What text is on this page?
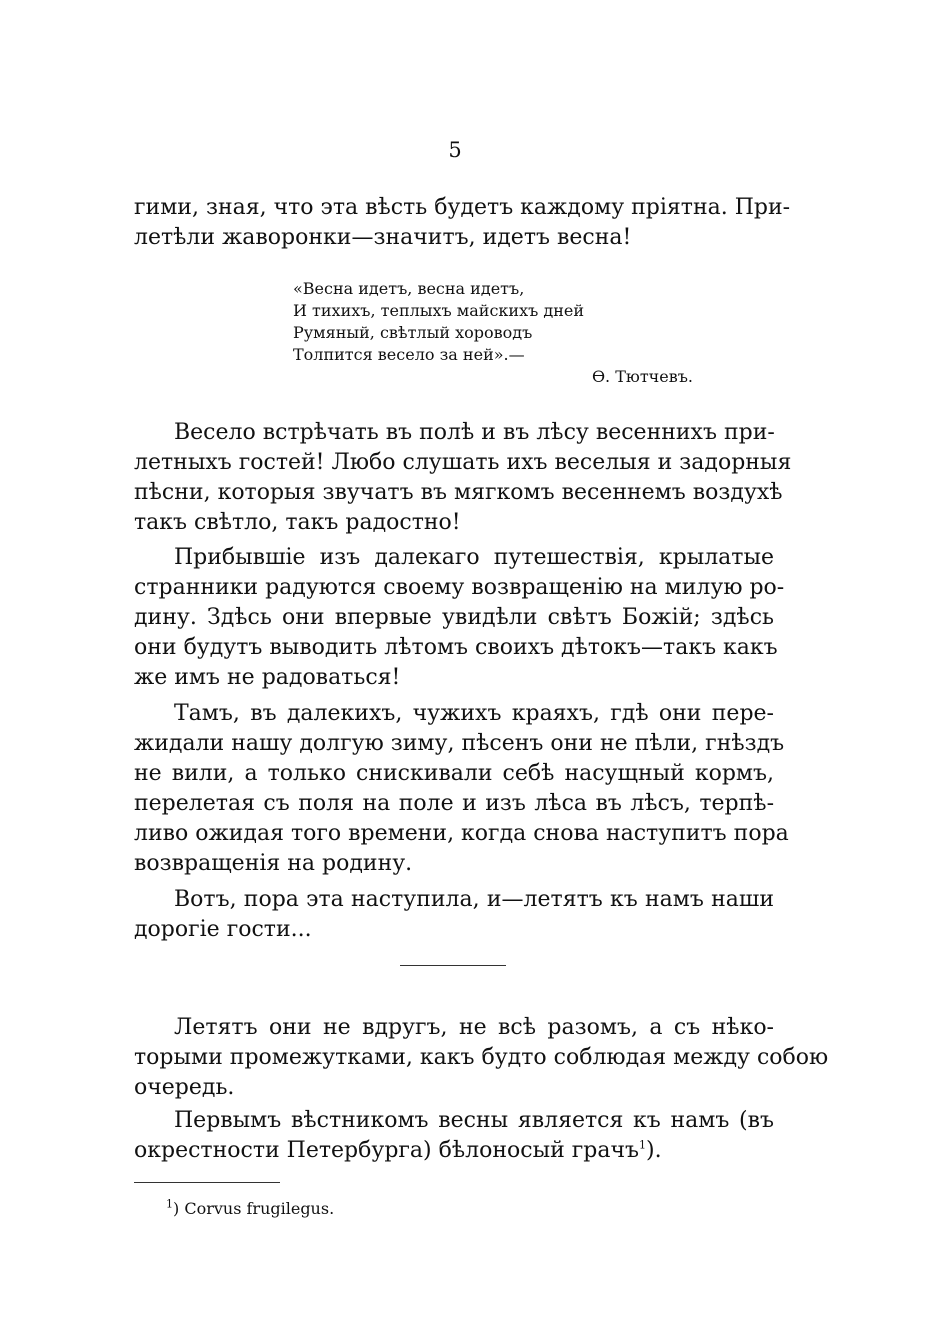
5
гими, зная, что эта вѣсть будетъ каждому пріятна. При-
летѣли жаворонки—значитъ, идетъ весна!
«Весна идетъ, весна идетъ,
И тихихъ, теплыхъ майскихъ дней
Румяный, свѣтлый хороводъ
Толпится весело за ней».—
Ѳ. Тютчевъ.
Весело встрѣчать въ полѣ и въ лѣсу весеннихъ при-
летныхъ гостей! Любо слушать ихъ веселыя и задорныя
пѣсни, которыя звучатъ въ мягкомъ весеннемъ воздухѣ
такъ свѣтло, такъ радостно!
Прибывшіе изъ далекаго путешествія, крылатые
странники радуются своему возвращенію на милую ро-
дину. Здѣсь они впервые увидѣли свѣтъ Божій; здѣсь
они будутъ выводить лѣтомъ своихъ дѣтокъ—такъ какъ
же имъ не радоваться!
Тамъ, въ далекихъ, чужихъ краяхъ, гдѣ они пере-
жидали нашу долгую зиму, пѣсенъ они не пѣли, гнѣздъ
не вили, а только снискивали себѣ насущный кормъ,
перелетая съ поля на поле и изъ лѣса въ лѣсъ, терпѣ-
ливо ожидая того времени, когда снова наступитъ пора
возвращенія на родину.
Вотъ, пора эта наступила, и—летятъ къ намъ наши
дорогіе гости...
Летятъ они не вдругъ, не всѣ разомъ, а съ нѣко-
торыми промежутками, какъ будто соблюдая между собою
очередь.
Первымъ вѣстникомъ весны является къ намъ (въ
окрестности Петербурга) бѣлоносый грачъ$^1$).
$^1$) Corvus frugilegus.
